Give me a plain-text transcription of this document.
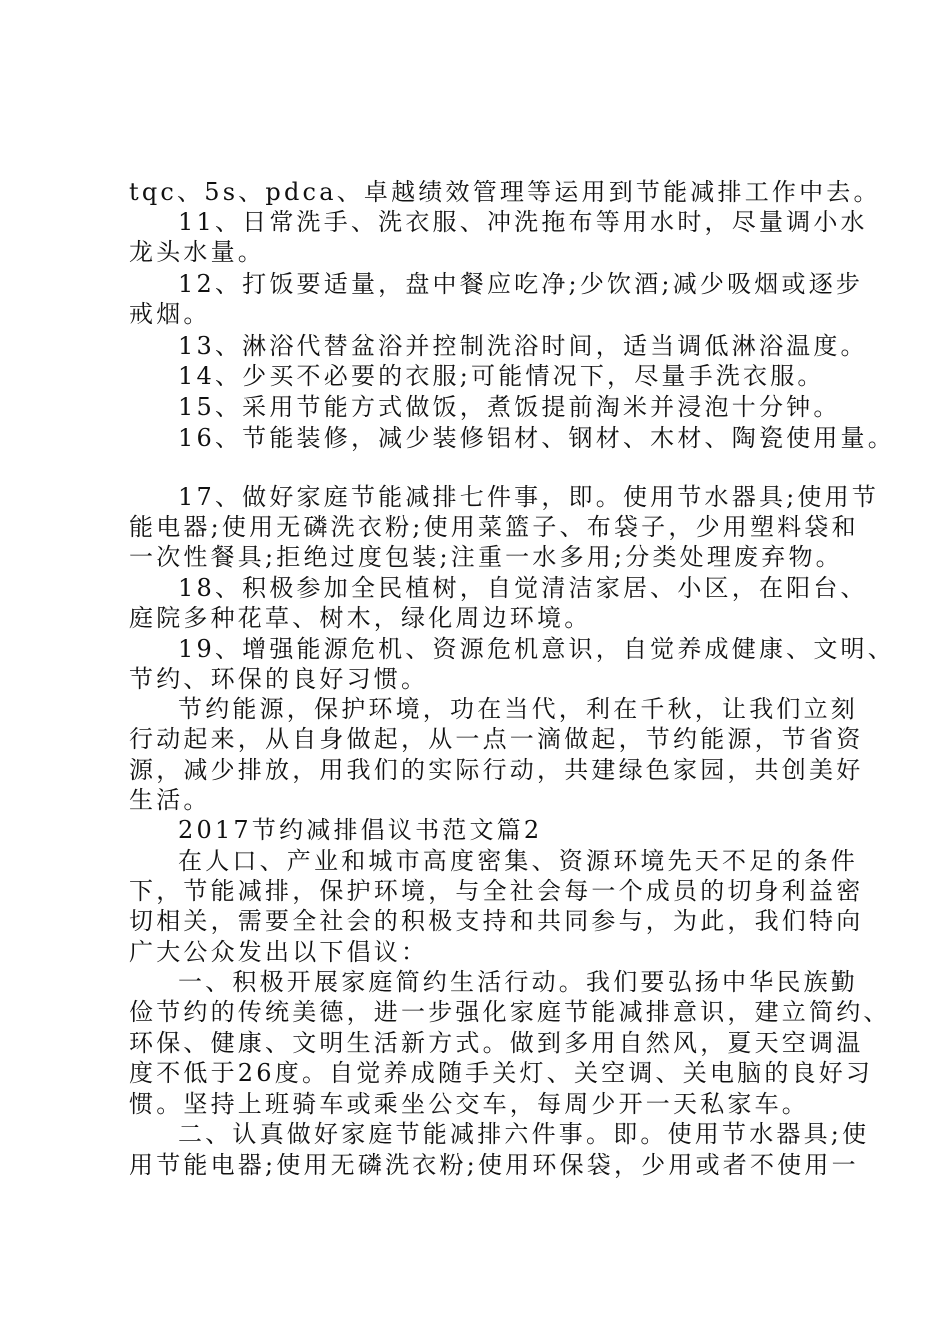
tqc、5s、pdca、卓越绩效管理等运用到节能减排工作中去。
11、日常洗手、洗衣服、冲洗拖布等用水时，尽量调小水
龙头水量。
12、打饭要适量，盘中餐应吃净;少饮酒;减少吸烟或逐步
戒烟。
13、淋浴代替盆浴并控制洗浴时间，适当调低淋浴温度。
14、少买不必要的衣服;可能情况下，尽量手洗衣服。
15、采用节能方式做饭，煮饭提前淘米并浸泡十分钟。
16、节能装修，减少装修铝材、钢材、木材、陶瓷使用量。
17、做好家庭节能减排七件事，即。使用节水器具;使用节
能电器;使用无磷洗衣粉;使用菜篮子、布袋子，少用塑料袋和
一次性餐具;拒绝过度包装;注重一水多用;分类处理废弃物。
18、积极参加全民植树，自觉清洁家居、小区，在阳台、
庭院多种花草、树木，绿化周边环境。
19、增强能源危机、资源危机意识，自觉养成健康、文明、
节约、环保的良好习惯。
节约能源，保护环境，功在当代，利在千秋，让我们立刻
行动起来，从自身做起，从一点一滴做起，节约能源，节省资
源，减少排放，用我们的实际行动，共建绿色家园，共创美好
生活。
2017节约减排倡议书范文篇2
在人口、产业和城市高度密集、资源环境先天不足的条件
下，节能减排，保护环境，与全社会每一个成员的切身利益密
切相关，需要全社会的积极支持和共同参与，为此，我们特向
广大公众发出以下倡议：
一、积极开展家庭简约生活行动。我们要弘扬中华民族勤
俭节约的传统美德，进一步强化家庭节能减排意识，建立简约、
环保、健康、文明生活新方式。做到多用自然风，夏天空调温
度不低于26度。自觉养成随手关灯、关空调、关电脑的良好习
惯。坚持上班骑车或乘坐公交车，每周少开一天私家车。
二、认真做好家庭节能减排六件事。即。使用节水器具;使
用节能电器;使用无磷洗衣粉;使用环保袋，少用或者不使用一
